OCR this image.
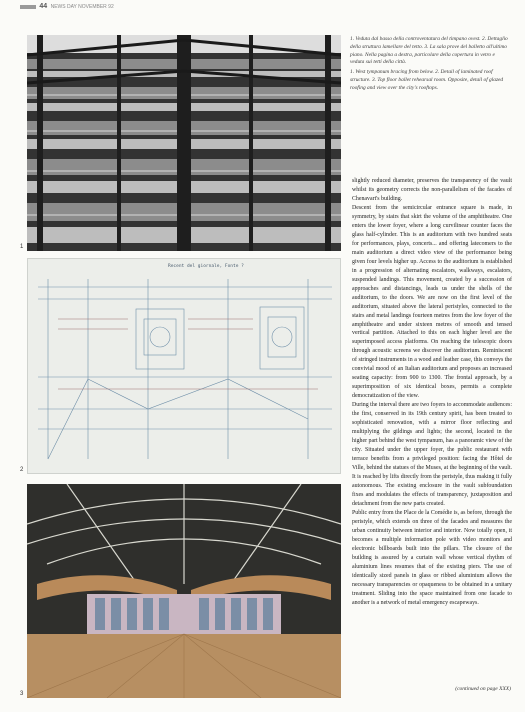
44 NEWS DAY NOVEMBER 92
1
Recent del giornale, Fonte ?
2
3

1. Veduta dal basso della controventatura del timpano ovest. 2. Dettaglio della struttura lamellare del tetto. 3. La sala prove del balletto all'ultimo piano. Nella pagina a destra, particolare della copertura in vetro e veduta sui tetti della città.

1. West tympanum bracing from below. 2. Detail of laminated roof structure. 3. Top floor ballet rehearsal room. Opposite, detail of glazed roofing and view over the city's rooftops.

slightly reduced diameter, preserves the transparency of the vault whilst its geometry corrects the non-parallelism of the facades of Chenavart's building.

Descent from the semicircular entrance square is made, in symmetry, by stairs that skirt the volume of the amphitheatre. One enters the lower foyer, where a long curvilinear counter faces the glass half-cylinder. This is an auditorium with two hundred seats for performances, plays, concerts... and offering latecomers to the main auditorium a direct video view of the performance being given four levels higher up. Access to the auditorium is established in a progression of alternating escalators, walkways, escalators, suspended landings. This movement, created by a succession of approaches and distancings, leads us under the shells of the auditorium, to the doors. We are now on the first level of the auditorium, situated above the lateral peristyles, connected to the stairs and metal landings fourteen metres from the low foyer of the amphitheatre and under sixteen metres of smooth and tensed vertical partition. Attached to this on each higher level are the superimposed access platforms. On reaching the telescopic doors through acoustic screens we discover the auditorium. Reminiscent of stringed instruments in a wood and leather case, this conveys the convivial mood of an Italian auditorium and proposes an increased seating capacity: from 900 to 1300. The frontal approach, by a superimposition of six identical boxes, permits a complete democratization of the view.

During the interval there are two foyers to accommodate audiences: the first, conserved in its 19th century spirit, has been treated to sophisticated renovation, with a mirror floor reflecting and multiplying the gildings and lights; the second, located in the higher part behind the west tympanum, has a panoramic view of the city. Situated under the upper foyer, the public restaurant with terrace benefits from a privileged position: facing the Hôtel de Ville, behind the statues of the Muses, at the beginning of the vault. It is reached by lifts directly from the peristyle, thus making it fully autonomous. The existing enclosure in the vault subfoundation fixes and modulates the effects of transparency, juxtaposition and detachment from the new parts created.

Public entry from the Place de la Comédie is, as before, through the peristyle, which extends on three of the facades and measures the urban continuity between interior and interior. Now totally open, it becomes a multiple information pole with video monitors and electronic billboards built into the pillars. The closure of the building is assured by a curtain wall whose vertical rhythm of aluminium lines resumes that of the existing piers. The use of identically sized panels in glass or ribbed aluminium allows the necessary transparencies or opaqueness to be obtained in a unitary treatment. Sliding into the space maintained from one facade to another is a network of metal emergency escapeways.

(continued on page XXX)
